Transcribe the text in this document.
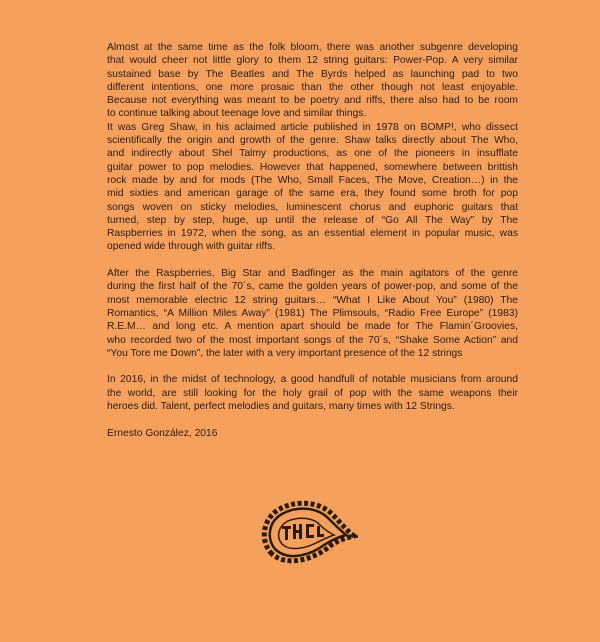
Almost at the same time as the folk bloom, there was another subgenre developing
that would cheer not little glory to them 12 string guitars: Power-Pop. A very similar
sustained base by The Beatles and The Byrds helped as launching pad to two
different intentions, one more prosaic than the other though not least enjoyable.
Because not everything was meant to be poetry and riffs, there also had to be room
to continue talking about teenage love and similar things.
It was Greg Shaw, in his aclaimed article published in 1978 on BOMP!, who dissect
scientifically the origin and growth of the genre. Shaw talks directly about The Who,
and indirectly about Shel Talmy productions, as one of the pioneers in insufflate
guitar power to pop melodies. However that happened, somewhere between brittish
rock made by and for mods (The Who, Small Faces, The Move, Creation…) in the
mid sixties and american garage of the same era, they found some broth for pop
songs woven on sticky melodies, luminescent chorus and euphoric guitars that
turned, step by step, huge, up until the release of “Go All The Way” by The
Raspberries in 1972, when the song, as an essential element in popular music, was
opened wide through with guitar riffs.
After the Raspberries, Big Star and Badfinger as the main agitators of the genre
during the first half of the 70´s, came the golden years of power-pop, and some of the
most memorable electric 12 string guitars… “What I Like About You” (1980) The
Romantics, “A Million Miles Away” (1981) The Plimsouls, “Radio Free Europe” (1983)
R.E.M… and long etc. A mention apart should be made for The Flamin´Groovies,
who recorded two of the most important songs of the 70´s, “Shake Some Action” and
“You Tore me Down”, the later with a very important presence of the 12 strings
In 2016, in the midst of technology, a good handfull of notable musicians from around
the world, are still looking for the holy grail of pop with the same weapons their
heroes did. Talent, perfect melodies and guitars, many times with 12 Strings.
Ernesto González, 2016
